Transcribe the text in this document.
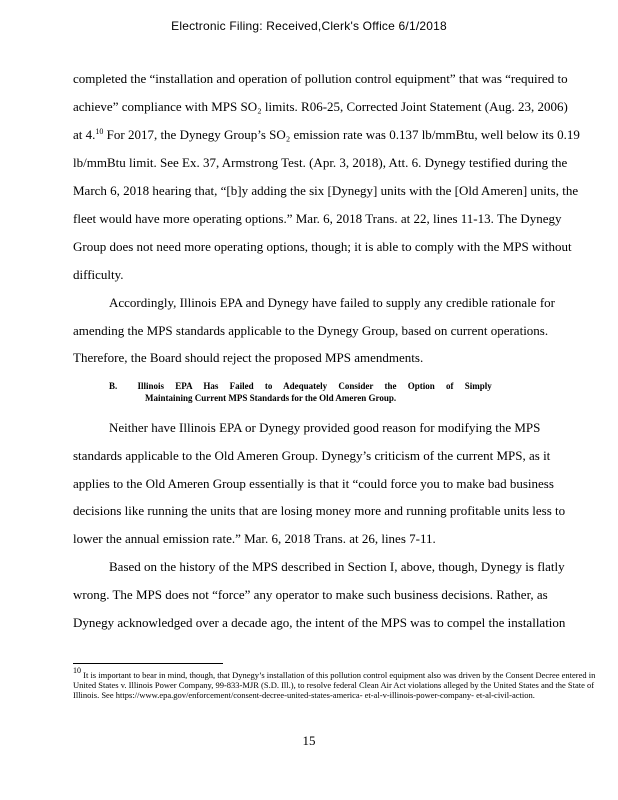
Electronic Filing: Received,Clerk's Office 6/1/2018
completed the “installation and operation of pollution control equipment” that was “required to
achieve” compliance with MPS SO₂ limits. R06-25, Corrected Joint Statement (Aug. 23, 2006)
at 4.10 For 2017, the Dynegy Group’s SO₂ emission rate was 0.137 lb/mmBtu, well below its 0.19
lb/mmBtu limit. See Ex. 37, Armstrong Test. (Apr. 3, 2018), Att. 6. Dynegy testified during the
March 6, 2018 hearing that, “[b]y adding the six [Dynegy] units with the [Old Ameren] units, the
fleet would have more operating options.” Mar. 6, 2018 Trans. at 22, lines 11-13. The Dynegy
Group does not need more operating options, though; it is able to comply with the MPS without
difficulty.
Accordingly, Illinois EPA and Dynegy have failed to supply any credible rationale for
amending the MPS standards applicable to the Dynegy Group, based on current operations.
Therefore, the Board should reject the proposed MPS amendments.
B. Illinois     EPA     Has     Failed     to     Adequately     Consider     the     Option     of     Simply
Maintaining Current MPS Standards for the Old Ameren Group.
Neither have Illinois EPA or Dynegy provided good reason for modifying the MPS
standards applicable to the Old Ameren Group. Dynegy’s criticism of the current MPS, as it
applies to the Old Ameren Group essentially is that it “could force you to make bad business
decisions like running the units that are losing money more and running profitable units less to
lower the annual emission rate.” Mar. 6, 2018 Trans. at 26, lines 7-11.
Based on the history of the MPS described in Section I, above, though, Dynegy is flatly
wrong. The MPS does not “force” any operator to make such business decisions. Rather, as
Dynegy acknowledged over a decade ago, the intent of the MPS was to compel the installation
$^{10}$ It is important to bear in mind, though, that Dynegy’s installation of this pollution control equipment also was driven by the Consent Decree entered in United States v. Illinois Power Company, 99-833-MJR (S.D. Ill.), to resolve federal Clean Air Act violations alleged by the United States and the State of Illinois. See https://www.epa.gov/enforcement/consent-decree-united-states-america- et-al-v-illinois-power-company- et-al-civil-action.
15
